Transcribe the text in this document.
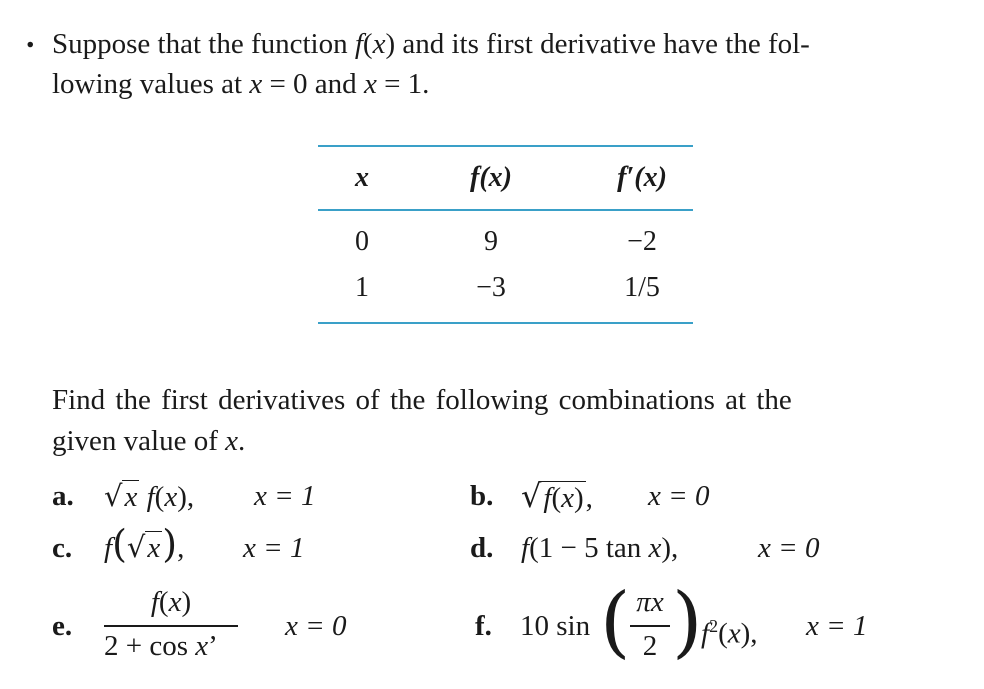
. Suppose that the function f(x) and its first derivative have the fol-
lowing values at x = 0 and x = 1.
x	f(x)	f′(x)
0	9	−2
1	−3	1/5
Find the first derivatives of the following combinations at the
given value of x.
a. √x f(x), x = 1	b. √f(x), x = 0
c. f(√x), x = 1	d. f(1 − 5 tan x),	x = 0
e.
f(x)
2 + cos x’
x = 0	f. 10 sin ( πx
2 )
$f^2(x)$, x = 1
